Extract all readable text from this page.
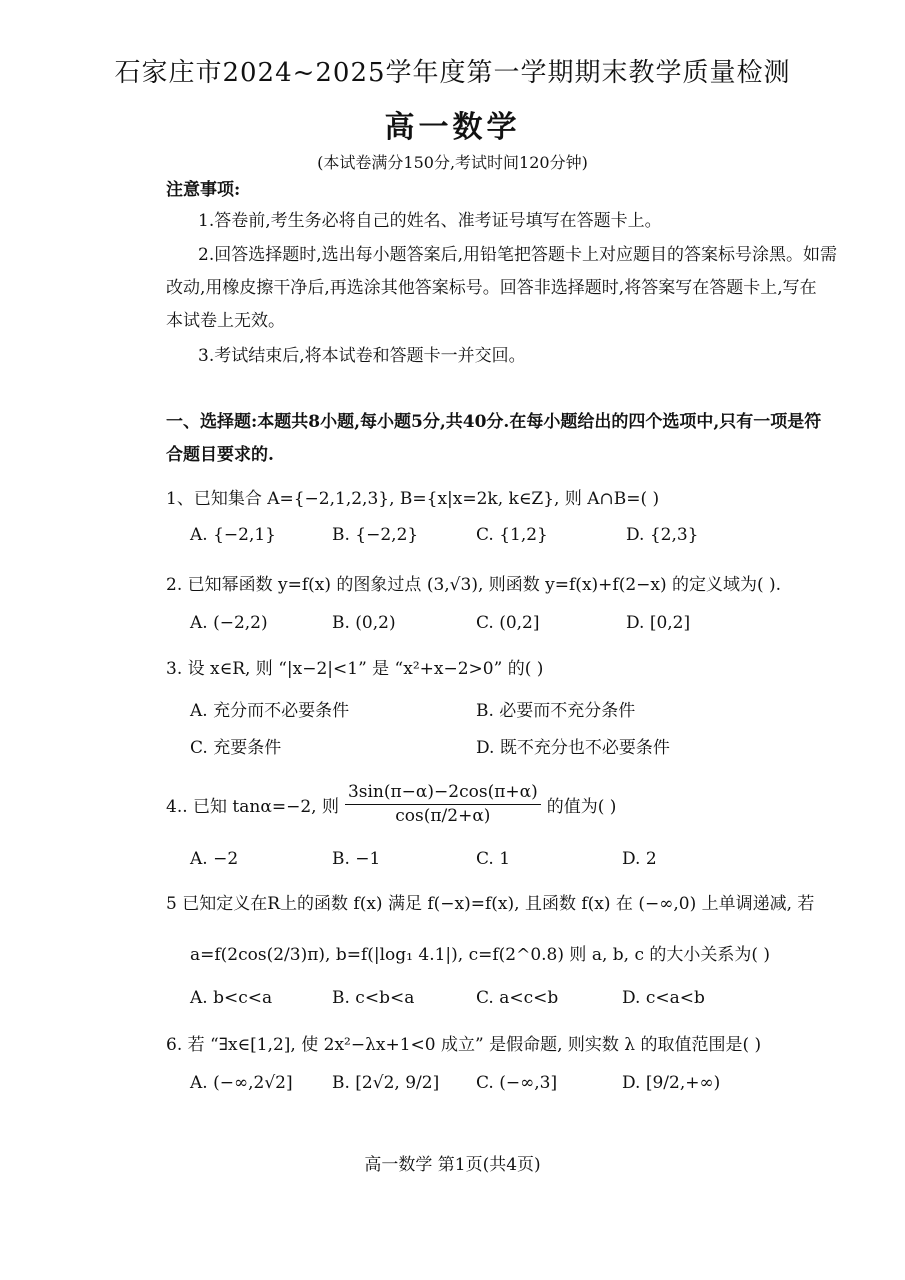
石家庄市2024~2025学年度第一学期期末教学质量检测
高一数学
(本试卷满分150分,考试时间120分钟)
注意事项:
1.答卷前,考生务必将自己的姓名、准考证号填写在答题卡上。
2.回答选择题时,选出每小题答案后,用铅笔把答题卡上对应题目的答案标号涂黑。如需
改动,用橡皮擦干净后,再选涂其他答案标号。回答非选择题时,将答案写在答题卡上,写在
本试卷上无效。
3.考试结束后,将本试卷和答题卡一并交回。
一、选择题:本题共8小题,每小题5分,共40分.在每小题给出的四个选项中,只有一项是符
合题目要求的.
1、已知集合 A={−2,1,2,3}, B={x|x=2k, k∈Z}, 则 A∩B=( )
A. {−2,1}	B. {−2,2}	C. {1,2}	D. {2,3}
2. 已知幂函数 y=f(x) 的图象过点 (3,√3), 则函数 y=f(x)+f(2−x) 的定义域为( ).
A. (−2,2)	B. (0,2)	C. (0,2]	D. [0,2]
3. 设 x∈R, 则 “|x−2|<1” 是 “x²+x−2>0” 的( )
A. 充分而不必要条件	B. 必要而不充分条件
C. 充要条件	D. 既不充分也不必要条件
4.. 已知 tanα=−2, 则 $\frac{3\sin(\pi-\alpha)-2\cos(\pi+\alpha)}{\cos(\pi/2+\alpha)}$ 的值为( )
A. −2	B. −1	C. 1	D. 2
5 已知定义在R上的函数 f(x) 满足 f(−x)=f(x), 且函数 f(x) 在 (−∞,0) 上单调递减, 若
a=f(2cos(2/3)π), b=f(|log₁ 4.1|), c=f(2^0.8) 则 a, b, c 的大小关系为( )
A. b<c<a	B. c<b<a	C. a<c<b	D. c<a<b
6. 若 “∃x∈[1,2], 使 2x²−λx+1<0 成立” 是假命题, 则实数 λ 的取值范围是( )
A. (−∞,2√2] B. [2√2, 9/2] C. (−∞,3]	D. [9/2,+∞)
高一数学 第1页(共4页)
